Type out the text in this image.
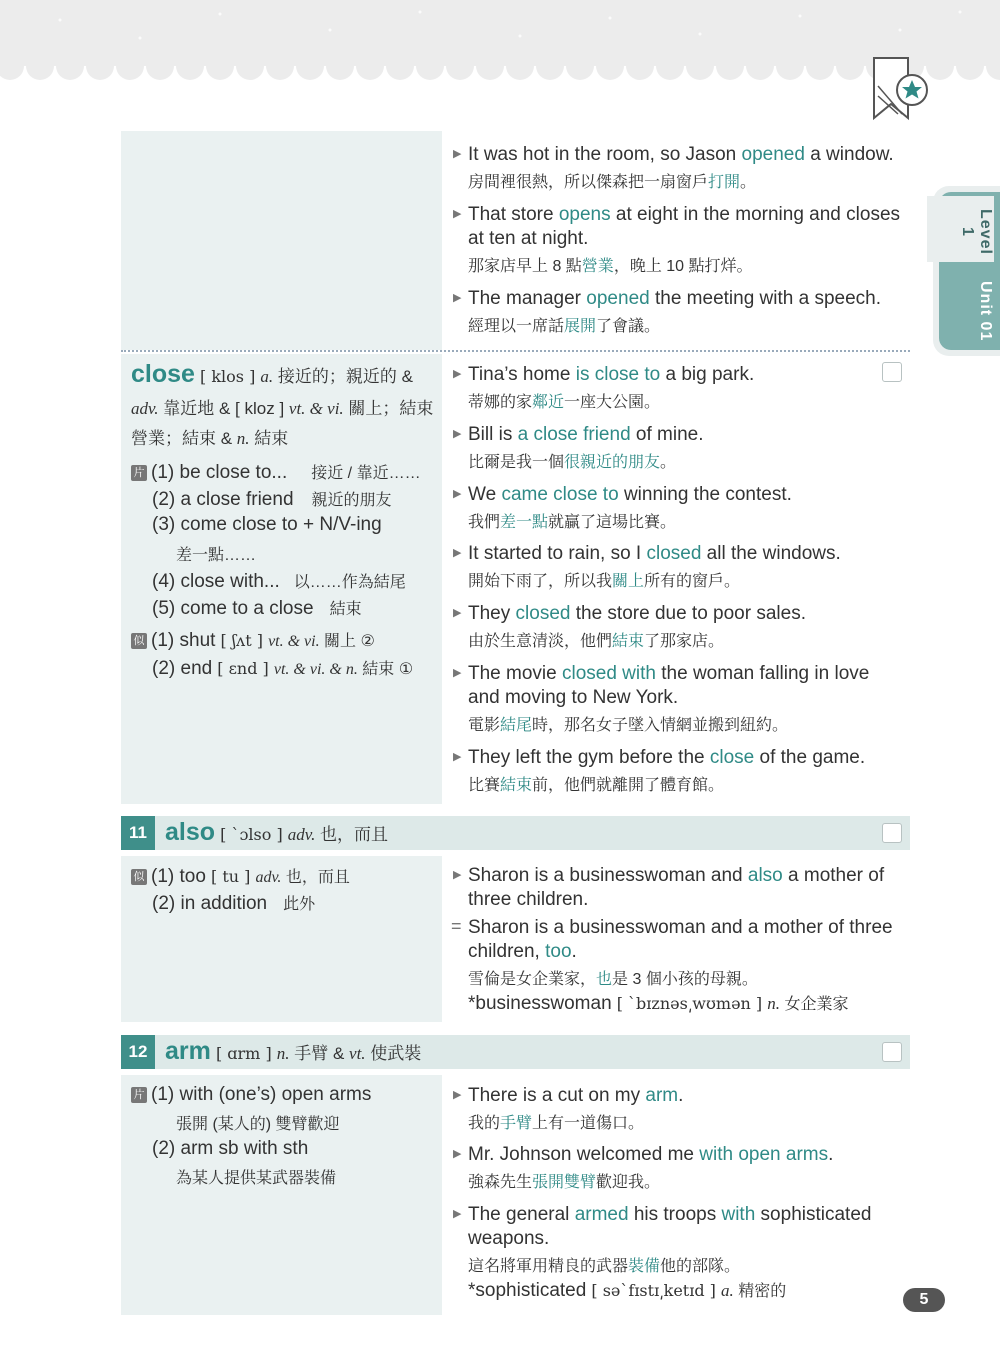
Level 1
Unit 01
▶ It was hot in the room, so Jason opened a window.
房間裡很熱，所以傑森把一扇窗戶打開。
▶ That store opens at eight in the morning and closes at ten at night.
那家店早上 8 點營業，晚上 10 點打烊。
▶ The manager opened the meeting with a speech.
經理以一席話展開了會議。
close [ klos ] a. 接近的；親近的 &
adv. 靠近地 & [ kloz ] vt. & vi. 關上；結束
營業；結束 & n. 結束
片 (1) be close to... 接近 / 靠近……
(2) a close friend 親近的朋友
(3) come close to + N/V-ing
差一點……
(4) close with... 以……作為結尾
(5) come to a close 結束
似 (1) shut [ ʃʌt ] vt. & vi. 關上 ②
(2) end [ ɛnd ] vt. & vi. & n. 結束 ①
▶ Tina’s home is close to a big park.
蒂娜的家鄰近一座大公園。
▶ Bill is a close friend of mine.
比爾是我一個很親近的朋友。
▶ We came close to winning the contest.
我們差一點就贏了這場比賽。
▶ It started to rain, so I closed all the windows.
開始下雨了，所以我關上所有的窗戶。
▶ They closed the store due to poor sales.
由於生意清淡，他們結束了那家店。
▶ The movie closed with the woman falling in love and moving to New York.
電影結尾時，那名女子墜入情網並搬到紐約。
▶ They left the gym before the close of the game.
比賽結束前，他們就離開了體育館。
11 also [ ˋɔlso ] adv. 也，而且
似 (1) too [ tu ] adv. 也，而且
(2) in addition 此外
▶ Sharon is a businesswoman and also a mother of three children.
= Sharon is a businesswoman and a mother of three children, too.
雪倫是女企業家，也是 3 個小孩的母親。
*businesswoman [ ˋbɪznəs͵wʊmən ] n. 女企業家
12 arm [ ɑrm ] n. 手臂 & vt. 使武裝
片 (1) with (one’s) open arms
張開 (某人的) 雙臂歡迎
(2) arm sb with sth
為某人提供某武器裝備
▶ There is a cut on my arm.
我的手臂上有一道傷口。
▶ Mr. Johnson welcomed me with open arms.
強森先生張開雙臂歡迎我。
▶ The general armed his troops with sophisticated weapons.
這名將軍用精良的武器裝備他的部隊。
*sophisticated [ səˋfɪstɪ͵ketɪd ] a. 精密的	5
